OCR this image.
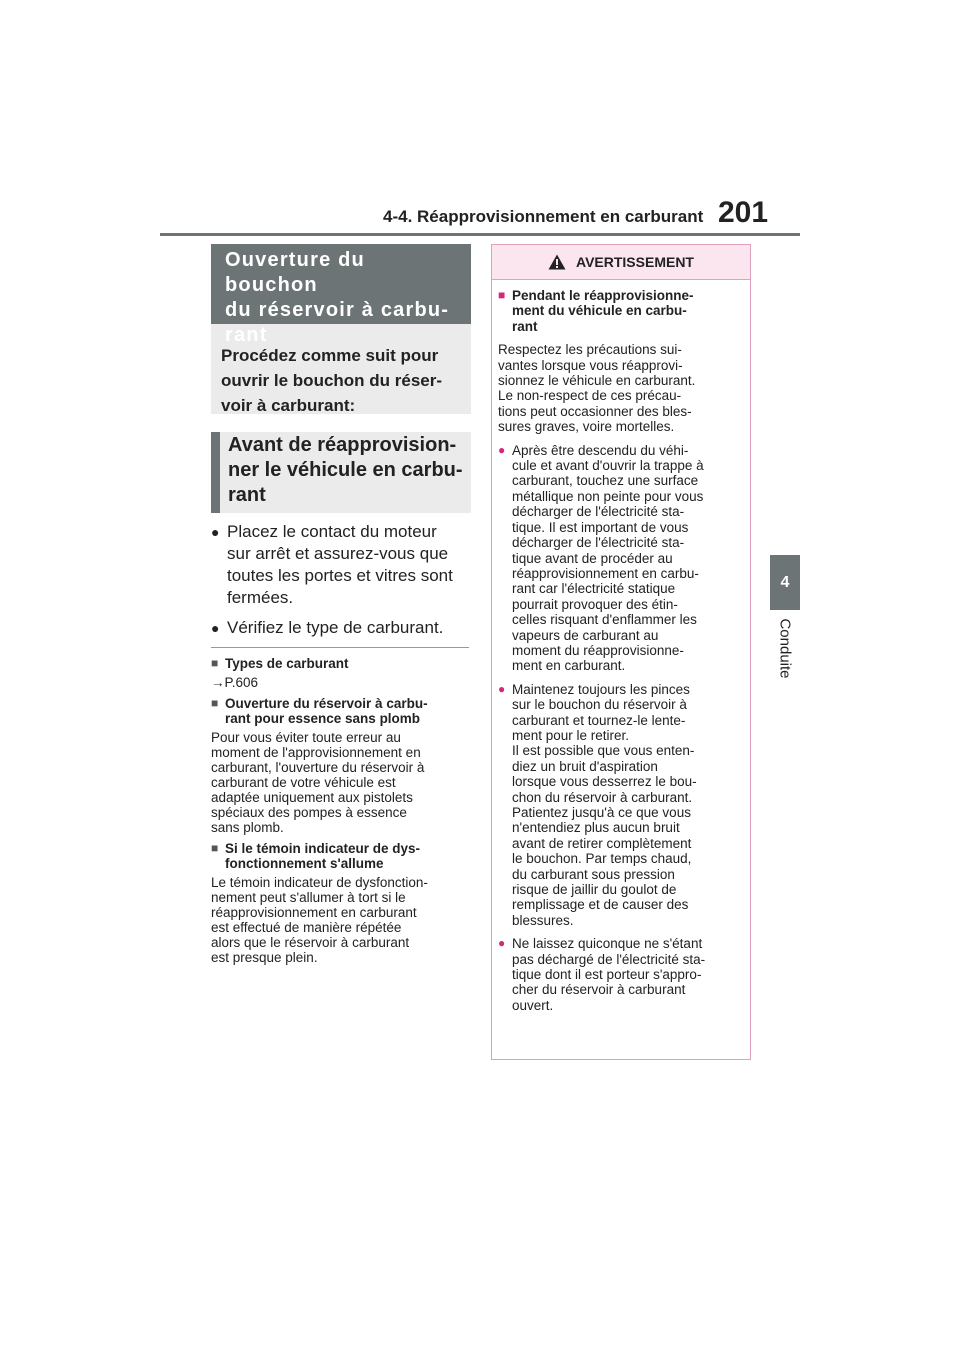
4-4. Réapprovisionnement en carburant 201
4
Conduite
Ouverture du bouchon
du réservoir à carbu-
rant

Procédez comme suit pour
ouvrir le bouchon du réser-
voir à carburant:

Avant de réapprovision-
ner le véhicule en carbu-
rant
● Placez le contact du moteur
sur arrêt et assurez-vous que
toutes les portes et vitres sont
fermées.
● Vérifiez le type de carburant.
■ Types de carburant
→P.606
■ Ouverture du réservoir à carbu-
rant pour essence sans plomb
Pour vous éviter toute erreur au
moment de l'approvisionnement en
carburant, l'ouverture du réservoir à
carburant de votre véhicule est
adaptée uniquement aux pistolets
spéciaux des pompes à essence
sans plomb.
■ Si le témoin indicateur de dys-
fonctionnement s'allume
Le témoin indicateur de dysfonction-
nement peut s'allumer à tort si le
réapprovisionnement en carburant
est effectué de manière répétée
alors que le réservoir à carburant
est presque plein.
AVERTISSEMENT
■ Pendant le réapprovisionne-
ment du véhicule en carbu-
rant
Respectez les précautions sui-
vantes lorsque vous réapprovi-
sionnez le véhicule en carburant.
Le non-respect de ces précau-
tions peut occasionner des bles-
sures graves, voire mortelles.
● Après être descendu du véhi-
cule et avant d'ouvrir la trappe à
carburant, touchez une surface
métallique non peinte pour vous
décharger de l'électricité sta-
tique. Il est important de vous
décharger de l'électricité sta-
tique avant de procéder au
réapprovisionnement en carbu-
rant car l'électricité statique
pourrait provoquer des étin-
celles risquant d'enflammer les
vapeurs de carburant au
moment du réapprovisionne-
ment en carburant.
● Maintenez toujours les pinces
sur le bouchon du réservoir à
carburant et tournez-le lente-
ment pour le retirer.
Il est possible que vous enten-
diez un bruit d'aspiration
lorsque vous desserrez le bou-
chon du réservoir à carburant.
Patientez jusqu'à ce que vous
n'entendiez plus aucun bruit
avant de retirer complètement
le bouchon. Par temps chaud,
du carburant sous pression
risque de jaillir du goulot de
remplissage et de causer des
blessures.
● Ne laissez quiconque ne s'étant
pas déchargé de l'électricité sta-
tique dont il est porteur s'appro-
cher du réservoir à carburant
ouvert.
